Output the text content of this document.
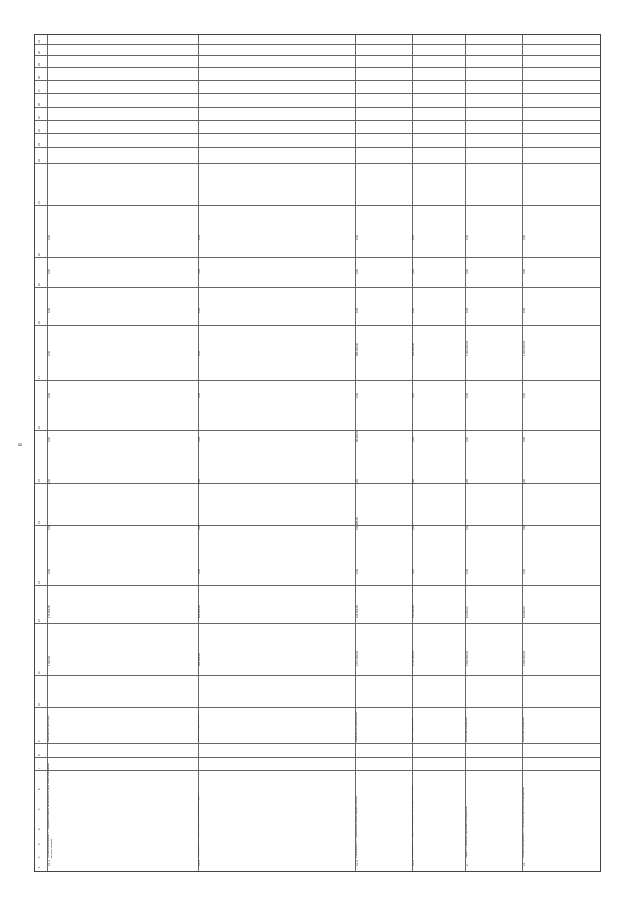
6
31
30
29
28
27
26
25
24
23
22
21
20
19
18
17
16
15
14
13
12
11
10
9
8
7
6
5
4
3
2
1
0.1.1
Основное мероприятие 1. "Содержание и ремонт автомобильных дорог общего пользования местного значения"
Министерство транспорта
1 000,00
175 000,00
0,00
0,00
0,00
0,00
0,00
0,00
0,00
0,00
0,00
0.1.2
Мероприятие 1.2. "Капитальный ремонт автомобильных дорог"
Комитет по строительству
420 000,00
205 000,00
0,00
0,00
0,00
0,00
0,00
0,00
0,00
0,00
0,00
0.1.3
Мероприятие 1.3. "Строительство и реконструкция объектов"
Министерство строительства
2 577 000,00
410 000,00
0,00
310 380,00
0,00
96 395,00
0,00
465 000,00
0,00
0,00
0,00
0.1.4
Мероприятие 1.4. "Содержание и развитие информационной системы"
Отдел информатизации
3 737 200,00
415 000,00
0,00
0,00
0,00
0,00
0,00
200 350,00
0,00
0,00
0,00
2
Задача 2. Повышение эффективности управления
Финансовое управление
2 500 000,00
61 000,00
0,00
0,00
0,00
0,00
0,00
1 000 000,00
0,00
0,00
0,00
2.1
Основное мероприятие 2.1. "Обеспечение деятельности учреждений"
Финансовое управление
2 500 000,00
61 000,00
0,00
0,00
0,00
0,00
0,00
1 000 000,00
0,00
0,00
0,00
